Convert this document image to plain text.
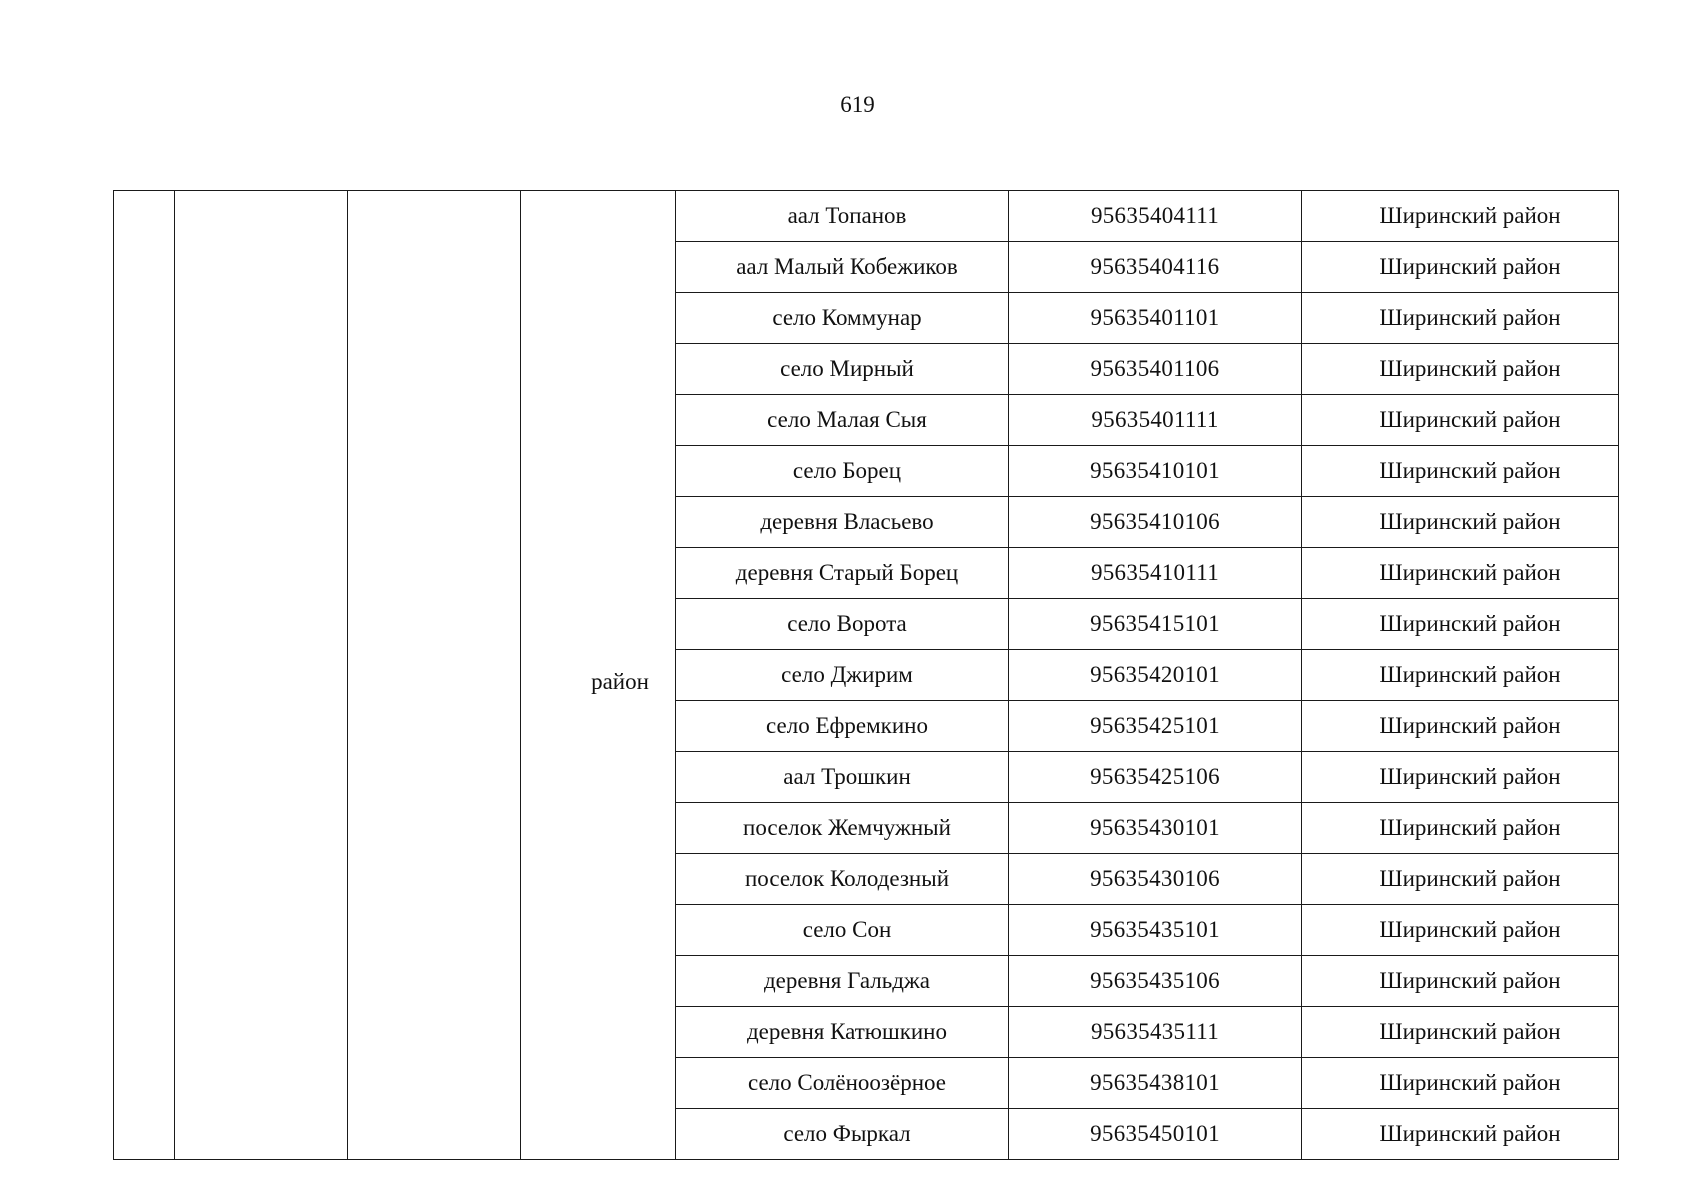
619

			район	аал Топанов	95635404111	Ширинский район
				аал Малый Кобежиков	95635404116	Ширинский район
				село Коммунар	95635401101	Ширинский район
				село Мирный	95635401106	Ширинский район
				село Малая Сыя	95635401111	Ширинский район
				село Борец	95635410101	Ширинский район
				деревня Власьево	95635410106	Ширинский район
				деревня Старый Борец	95635410111	Ширинский район
				село Ворота	95635415101	Ширинский район
				село Джирим	95635420101	Ширинский район
				село Ефремкино	95635425101	Ширинский район
				аал Трошкин	95635425106	Ширинский район
				поселок Жемчужный	95635430101	Ширинский район
				поселок Колодезный	95635430106	Ширинский район
				село Сон	95635435101	Ширинский район
				деревня Гальджа	95635435106	Ширинский район
				деревня Катюшкино	95635435111	Ширинский район
				село Солёноозёрное	95635438101	Ширинский район
				село Фыркал	95635450101	Ширинский район
